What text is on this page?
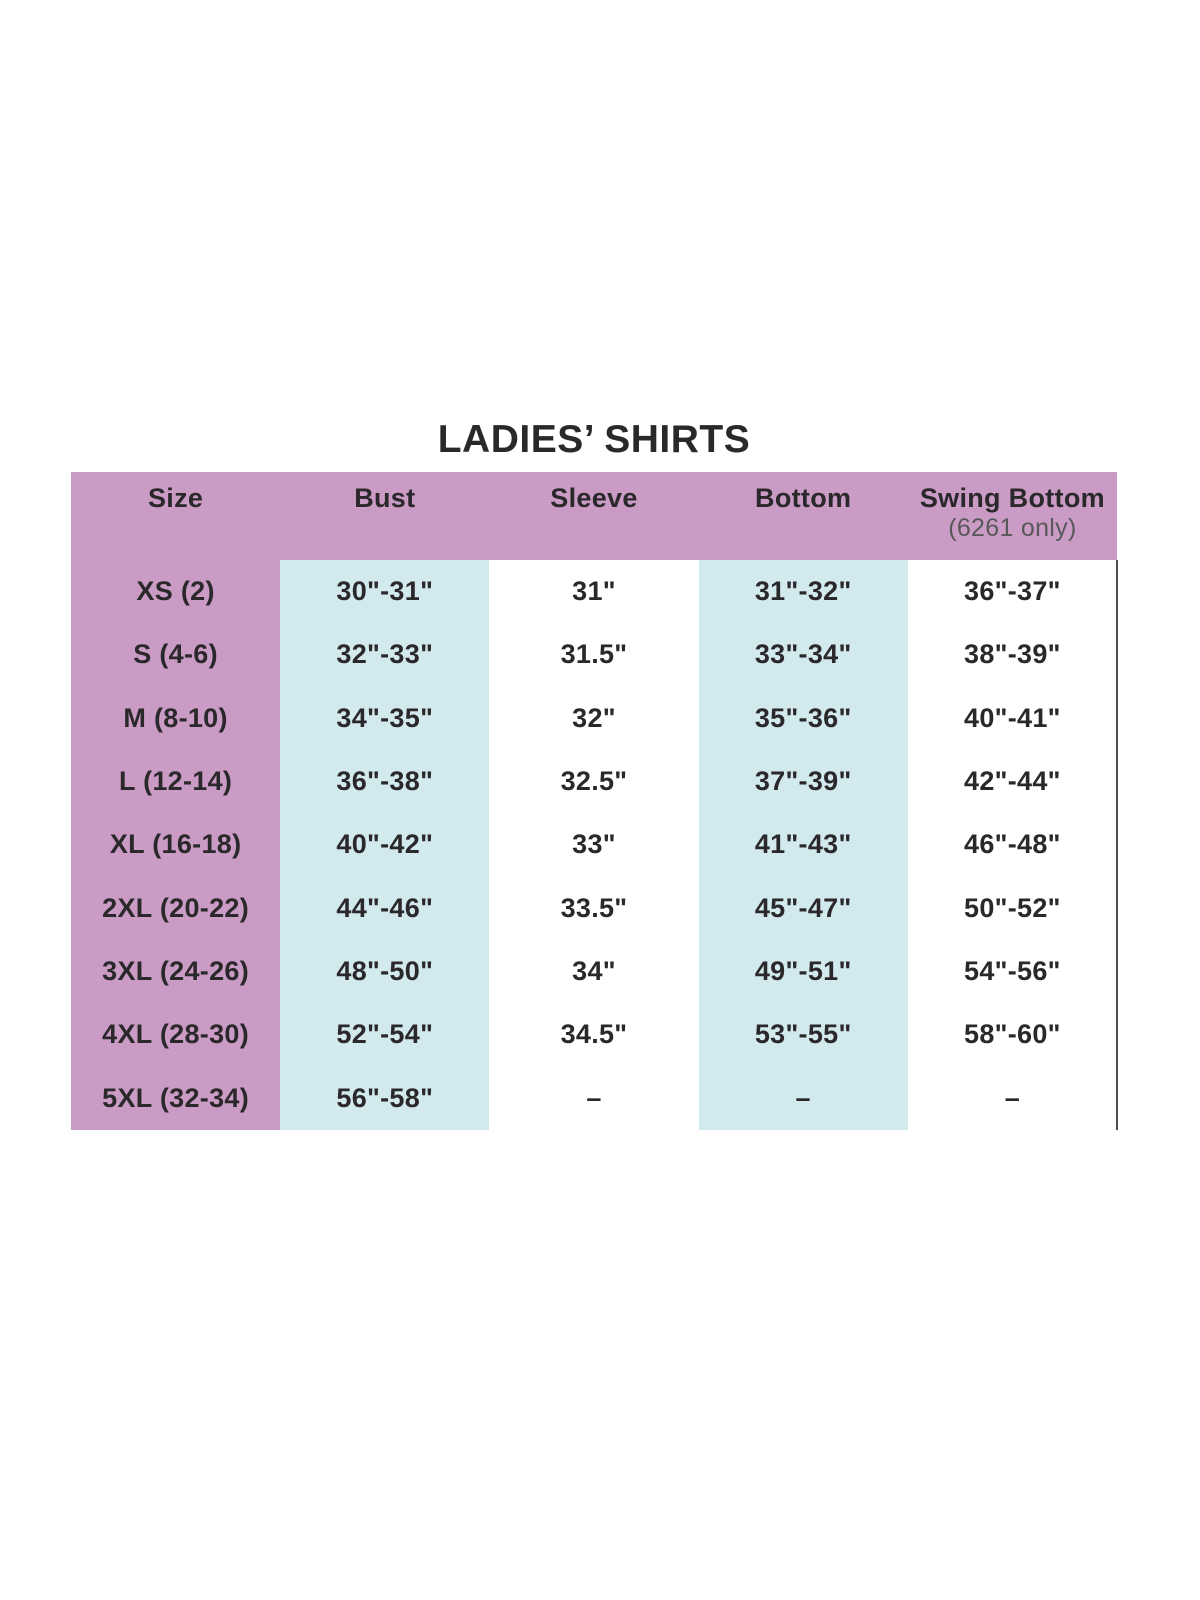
LADIES’ SHIRTS
Size	Bust	Sleeve	Bottom	Swing Bottom
(6261 only)
XS (2)	30"-31"	31"	31"-32"	36"-37"
S (4-6)	32"-33"	31.5"	33"-34"	38"-39"
M (8-10)	34"-35"	32"	35"-36"	40"-41"
L (12-14)	36"-38"	32.5"	37"-39"	42"-44"
XL (16-18)	40"-42"	33"	41"-43"	46"-48"
2XL (20-22)	44"-46"	33.5"	45"-47"	50"-52"
3XL (24-26)	48"-50"	34"	49"-51"	54"-56"
4XL (28-30)	52"-54"	34.5"	53"-55"	58"-60"
5XL (32-34)	56"-58"	–	–	–
